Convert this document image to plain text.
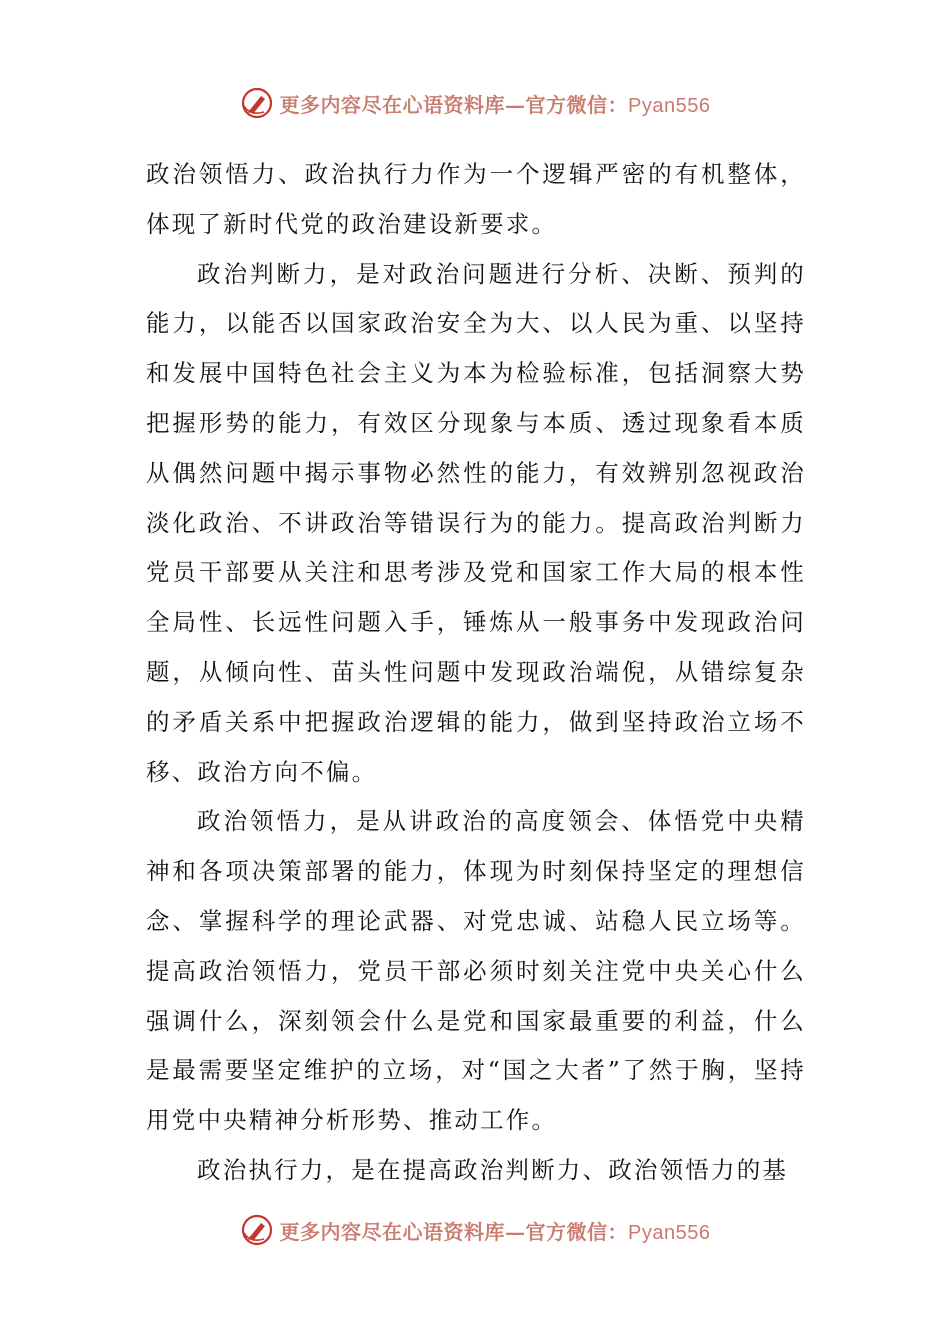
更多内容尽在心语资料库—官方微信：Pyan556

政治领悟力、政治执行力作为一个逻辑严密的有机整体，体现了新时代党的政治建设新要求。

政治判断力，是对政治问题进行分析、决断、预判的能力，以能否以国家政治安全为大、以人民为重、以坚持和发展中国特色社会主义为本为检验标准，包括洞察大势把握形势的能力，有效区分现象与本质、透过现象看本质从偶然问题中揭示事物必然性的能力，有效辨别忽视政治淡化政治、不讲政治等错误行为的能力。提高政治判断力党员干部要从关注和思考涉及党和国家工作大局的根本性全局性、长远性问题入手，锤炼从一般事务中发现政治问题，从倾向性、苗头性问题中发现政治端倪，从错综复杂的矛盾关系中把握政治逻辑的能力，做到坚持政治立场不移、政治方向不偏。

政治领悟力，是从讲政治的高度领会、体悟党中央精神和各项决策部署的能力，体现为时刻保持坚定的理想信念、掌握科学的理论武器、对党忠诚、站稳人民立场等。提高政治领悟力，党员干部必须时刻关注党中央关心什么强调什么，深刻领会什么是党和国家最重要的利益，什么是最需要坚定维护的立场，对“国之大者”了然于胸，坚持用党中央精神分析形势、推动工作。

政治执行力，是在提高政治判断力、政治领悟力的基

更多内容尽在心语资料库—官方微信：Pyan556
